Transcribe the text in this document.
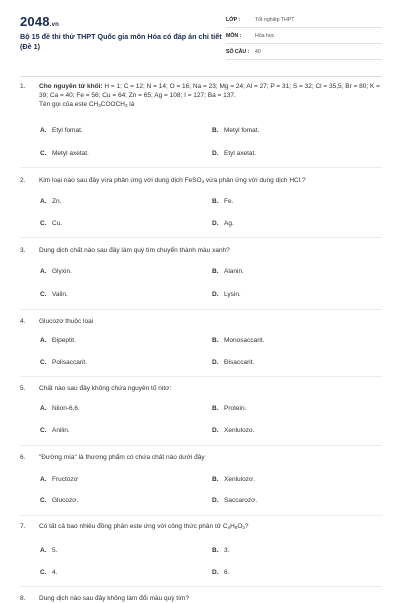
2048.vn
Bộ 15 đề thi thử THPT Quốc gia môn Hóa có đáp án chi tiết (Đề 1)
LỚP :	Tốt nghiệp THPT
MÔN :	Hóa học
SỐ CÂU : 40
1.	Cho nguyên tử khối: H = 1; C = 12; N = 14; O = 16; Na = 23; Mg = 24; Al = 27; P = 31; S = 32; Cl = 35,5; Br = 80; K = 39; Ca = 40; Fe = 56; Cu = 64; Zn = 65; Ag = 108; I = 127; Ba = 137.
Tên gọi của este $CH_3COOCH_3$ là
A. Etyl fomat.	B. Metyl fomat.
C. Metyl axetat.	D. Etyl axetat.
2.	Kim loại nào sau đây vừa phản ứng với dung dịch FeSO$_4$ vừa phản ứng với dung dịch HCl ?
A. Zn.	B. Fe.
C. Cu.	D. Ag.
3.	Dung dịch chất nào sau đây làm quỳ tím chuyển thành màu xanh?
A. Glyxin.	B. Alanin.
C. Valin.	D. Lysin.
4.	Glucozơ thuộc loại
A. Đipeptit.	B. Monosaccarit.
C. Polisaccarit.	D. Đisaccarit.
5.	Chất nào sau đây không chứa nguyên tố nitơ:
A. Nilon-6,6.	B. Protein.
C. Anilin.	D. Xenlulozo.
6.	"Đường mía" là thương phẩm có chứa chất nào dưới đây
A. Fructozơ	B. Xenlulozơ.
C. Glucozơ.	D. Saccarozơ.
7.	Có tất cả bao nhiêu đồng phân este ứng với công thức phân tử $C_4H_8O_2$?
A. 5.	B. 3.
C. 4.	D. 6.
8.	Dung dịch nào sau đây không làm đổi màu quỳ tím?
